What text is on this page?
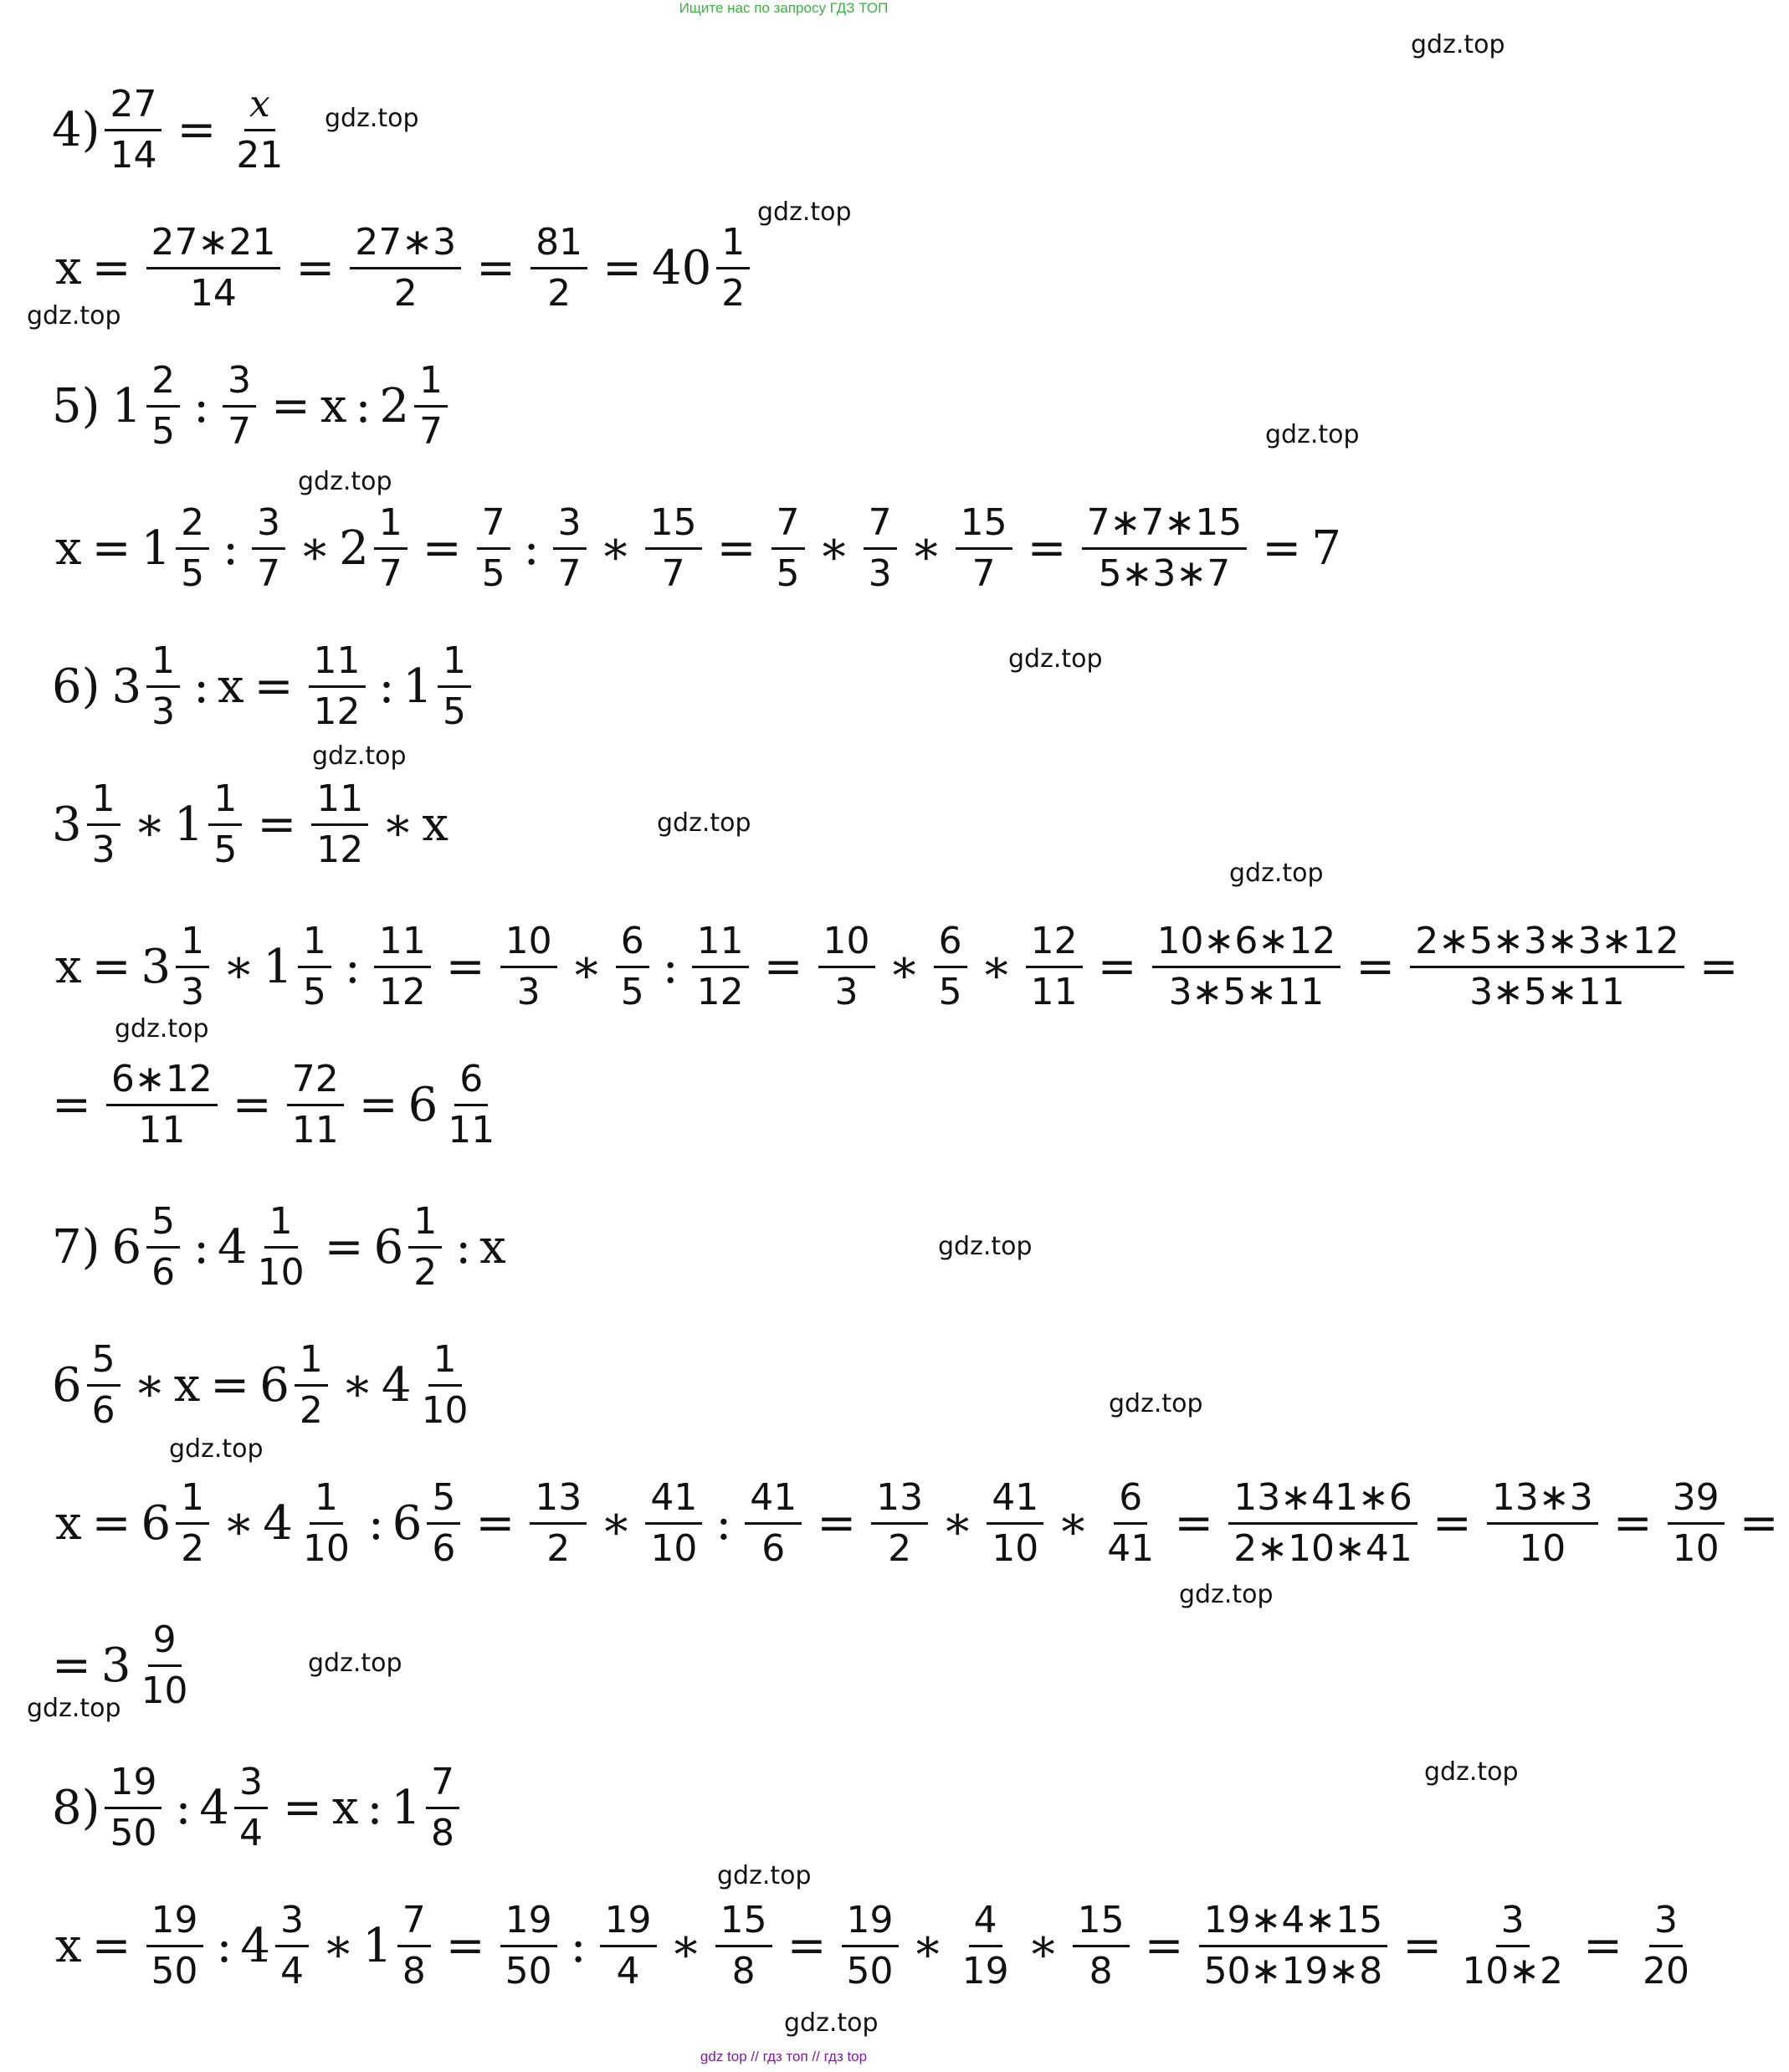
Ищите нас по запросу ГДЗ ТОП
gdz.top
gdz.top
gdz.top
gdz.top
gdz.top
gdz.top
gdz.top
gdz.top
gdz.top
gdz.top
gdz.top
gdz.top
gdz.top
gdz.top
gdz.top
gdz.top
gdz.top
gdz.top
gdz.top
gdz.top
$4) \frac{27}{14} = \frac{x}{21}$
$x = \frac{27∗21}{14} = \frac{27∗3}{2} = \frac{81}{2} = 40 \frac{1}{2}$
5) $1 \frac{2}{5}$ : $\frac{3}{7} = x$ : $2 \frac{1}{7}$
$x = 1 \frac{2}{5}$ : $\frac{3}{7}$ ∗ $2 \frac{1}{7} = \frac{7}{5}$ : $\frac{3}{7}$ ∗ $\frac{15}{7} = \frac{7}{5}$ ∗ $\frac{7}{3}$ ∗ $\frac{15}{7} = \frac{7∗7∗15}{5∗3∗7} = 7$
6) $3 \frac{1}{3}$ : $x = \frac{11}{12}$ : $1 \frac{1}{5}$
$3 \frac{1}{3}$ ∗ $1 \frac{1}{5} = \frac{11}{12}$ ∗ x
$x = 3 \frac{1}{3}$ ∗ $1 \frac{1}{5}$ : $\frac{11}{12} = \frac{10}{3}$ ∗ $\frac{6}{5}$ : $\frac{11}{12} = \frac{10}{3}$ ∗ $\frac{6}{5}$ ∗ $\frac{12}{11} = \frac{10∗6∗12}{3∗5∗11} = \frac{2∗5∗3∗3∗12}{3∗5∗11}$ =
= $\frac{6∗12}{11} = \frac{72}{11} = 6 \frac{6}{11}$
7) $6 \frac{5}{6}$ : $4 \frac{1}{10} = 6 \frac{1}{2}$ : x
$6 \frac{5}{6}$ ∗ $x = 6 \frac{1}{2}$ ∗ $4 \frac{1}{10}$
$x = 6 \frac{1}{2}$ ∗ $4 \frac{1}{10}$ : $6 \frac{5}{6} = \frac{13}{2}$ ∗ $\frac{41}{10}$ : $\frac{41}{6} = \frac{13}{2}$ ∗ $\frac{41}{10}$ ∗ $\frac{6}{41} = \frac{13∗41∗6}{2∗10∗41} = \frac{13∗3}{10} = \frac{39}{10}$ =
= $3 \frac{9}{10}$
$8) \frac{19}{50}$ : $4 \frac{3}{4} = x$ : $1 \frac{7}{8}$
$x = \frac{19}{50}$ : $4 \frac{3}{4}$ ∗ $1 \frac{7}{8} = \frac{19}{50}$ : $\frac{19}{4}$ ∗ $\frac{15}{8} = \frac{19}{50}$ ∗ $\frac{4}{19}$ ∗ $\frac{15}{8} = \frac{19∗4∗15}{50∗19∗8} = \frac{3}{10∗2} = \frac{3}{20}$
gdz top // гдз топ // гдз top
